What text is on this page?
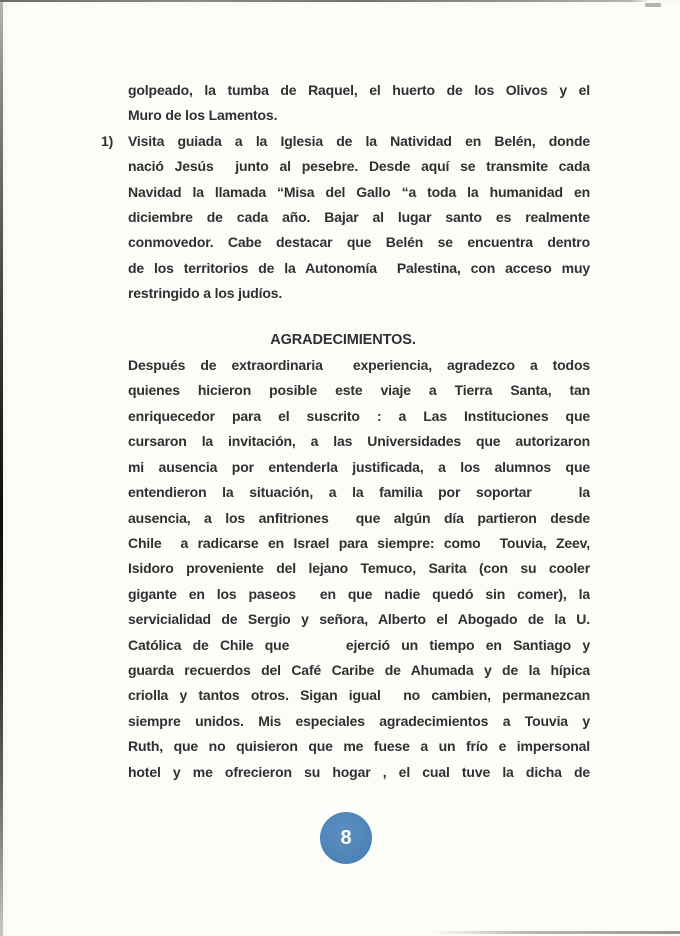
golpeado, la tumba de Raquel, el huerto de los Olivos y el
Muro de los Lamentos.
1) Visita guiada a la Iglesia de la Natividad en Belén, donde
nació Jesús  junto al pesebre. Desde aquí se transmite cada
Navidad la llamada “Misa del Gallo “a toda la humanidad en
diciembre de cada año. Bajar al lugar santo es realmente
conmovedor. Cabe destacar que Belén se encuentra dentro
de los territorios de la Autonomía  Palestina, con acceso muy
restringido a los judíos.
AGRADECIMIENTOS.
Después de extraordinaria  experiencia, agradezco a todos
quienes hicieron posible este viaje a Tierra Santa, tan
enriquecedor para el suscrito : a Las Instituciones que
cursaron la invitación, a las Universidades que autorizaron
mi ausencia por entenderla justificada, a los alumnos que
entendieron la situación, a la familia por soportar   la
ausencia, a los anfitriones  que algún día partieron desde
Chile  a radicarse en Israel para siempre: como  Touvia, Zeev,
Isidoro proveniente del lejano Temuco, Sarita (con su cooler
gigante en los paseos  en que nadie quedó sin comer), la
servicialidad de Sergio y señora, Alberto el Abogado de la U.
Católica de Chile que     ejerció un tiempo en Santiago y
guarda recuerdos del Café Caribe de Ahumada y de la hípica
criolla y tantos otros. Sigan igual  no cambien, permanezcan
siempre unidos. Mis especiales agradecimientos a Touvia y
Ruth, que no quisieron que me fuese a un frío e impersonal
hotel y me ofrecieron su hogar , el cual tuve la dicha de
8
